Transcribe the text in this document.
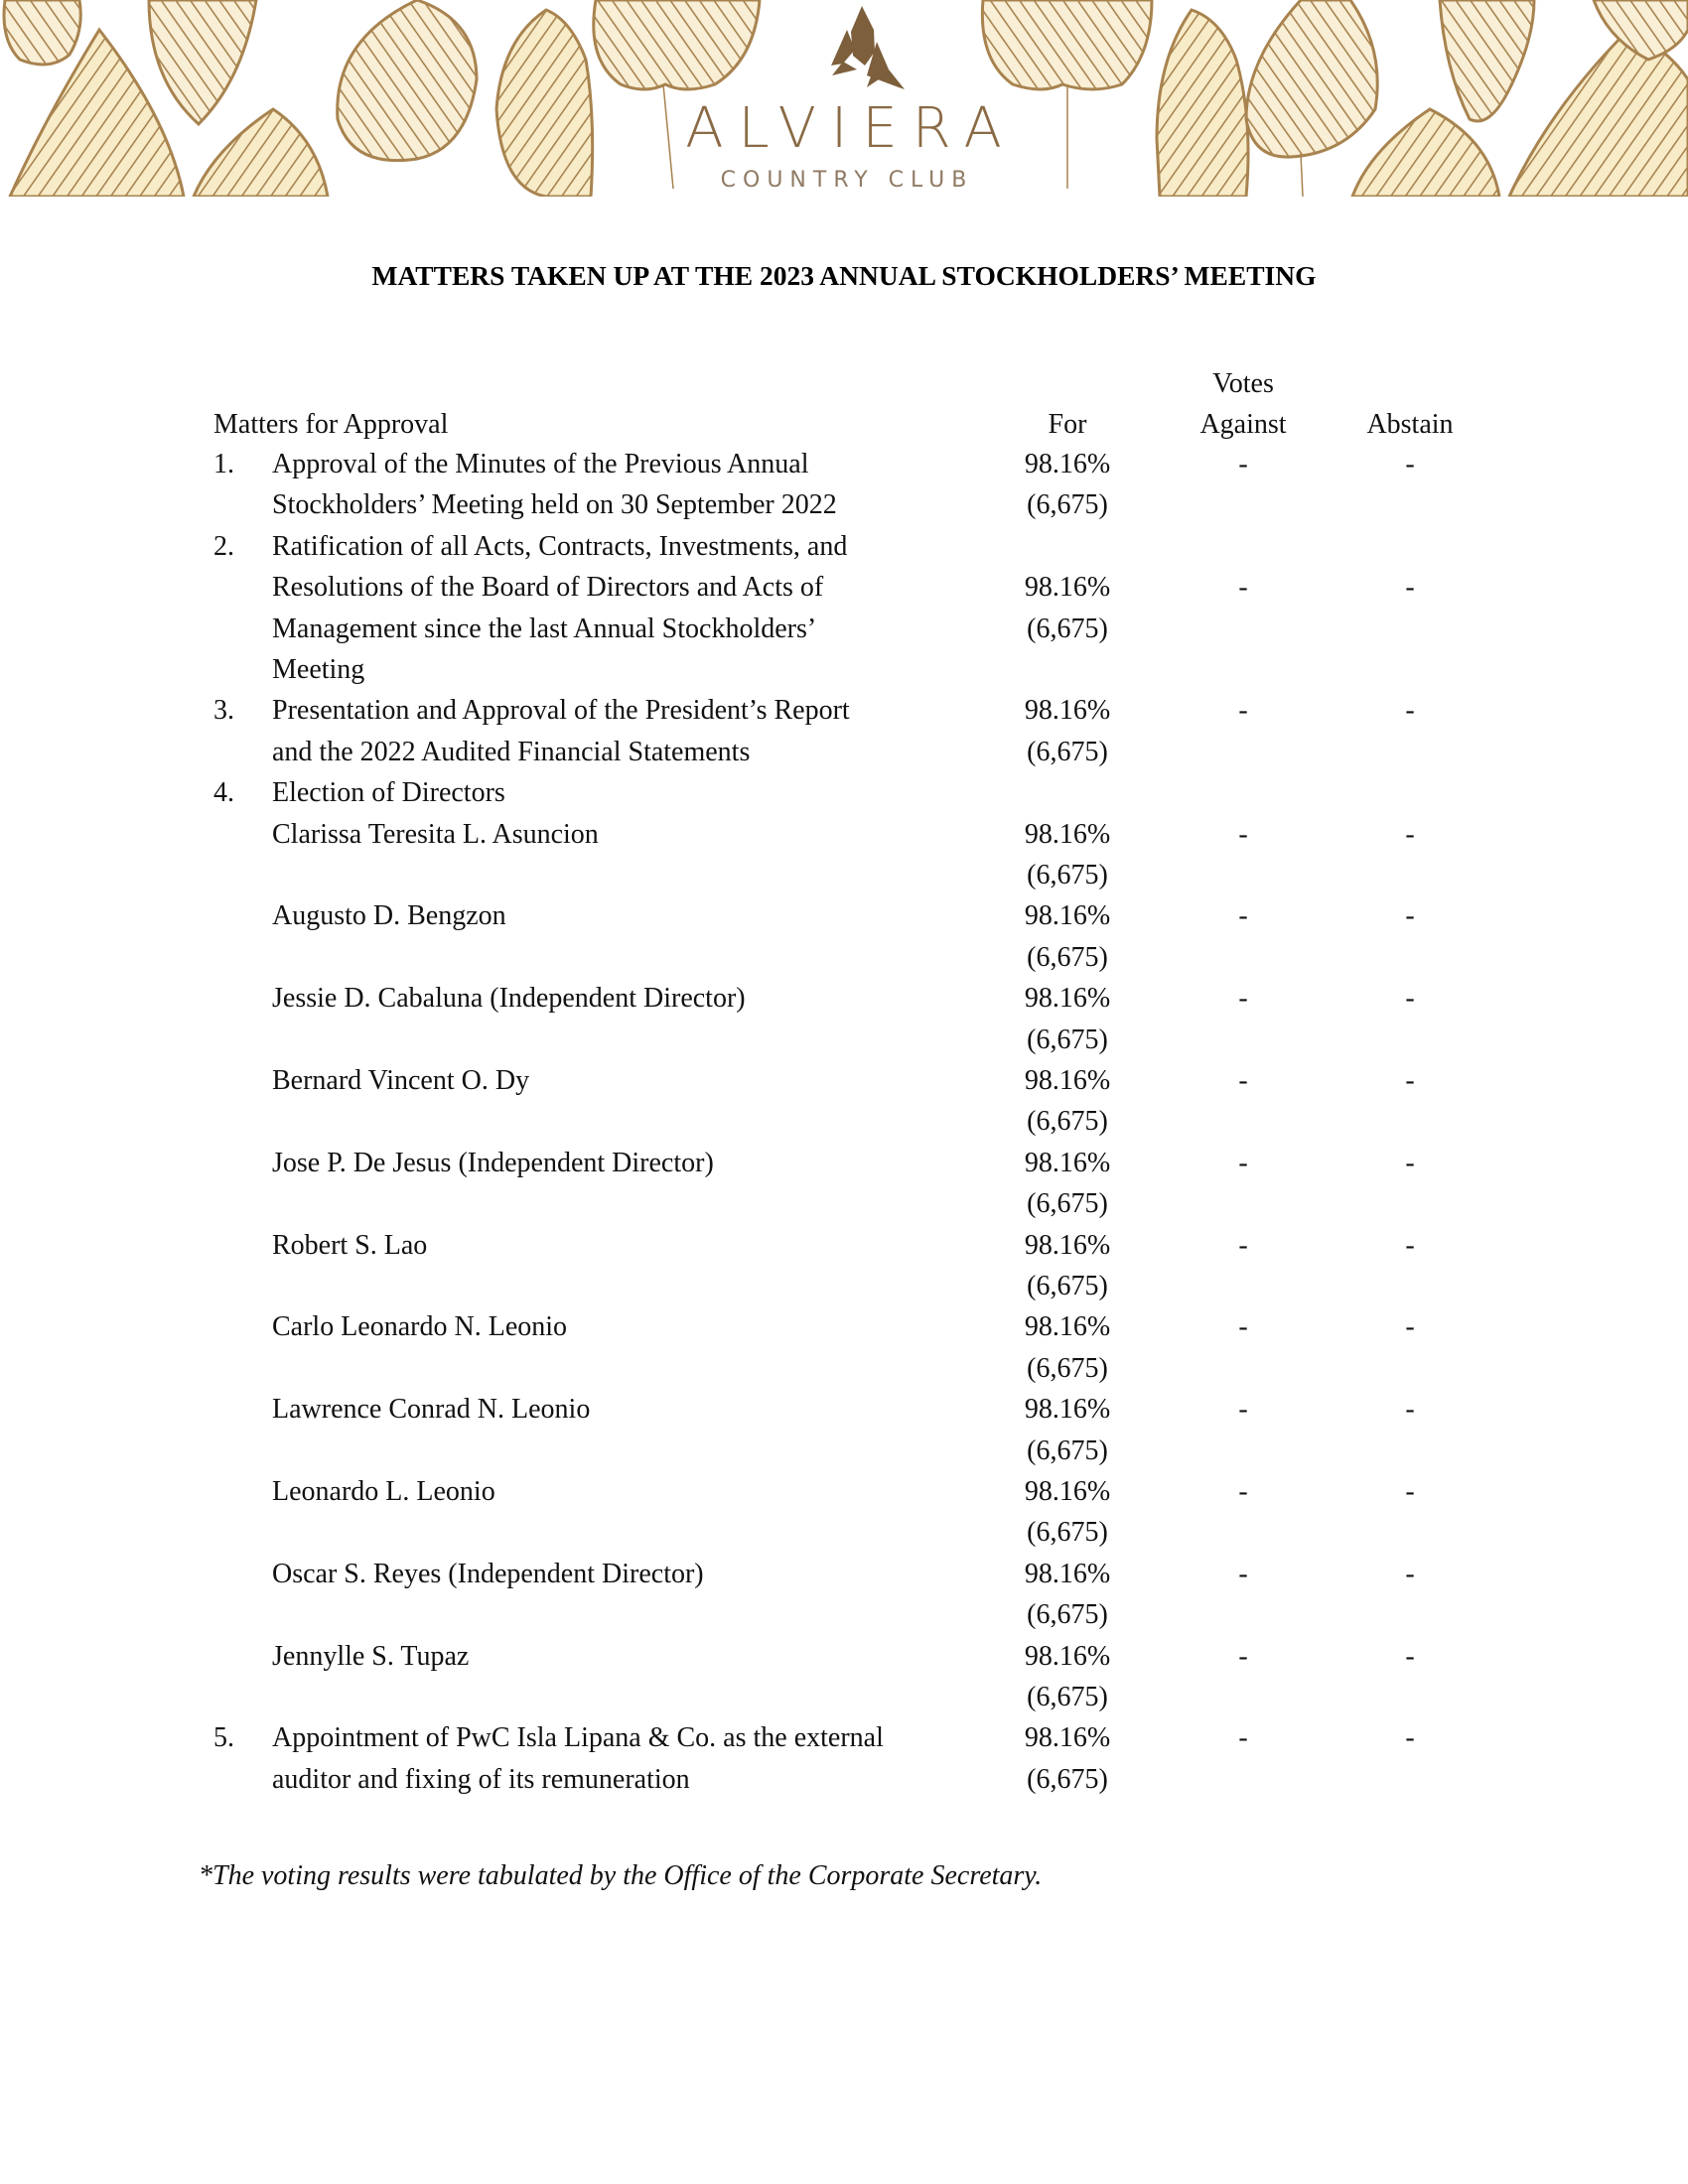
ALVIERA
COUNTRY CLUB
MATTERS TAKEN UP AT THE 2023 ANNUAL STOCKHOLDERS’ MEETING
Votes
Matters for Approval	For	Against	Abstain
1. Approval of the Minutes of the Previous Annual	98.16%	-	-
Stockholders’ Meeting held on 30 September 2022	(6,675)
2. Ratification of all Acts, Contracts, Investments, and
Resolutions of the Board of Directors and Acts of	98.16%	-	-
Management since the last Annual Stockholders’	(6,675)
Meeting
3. Presentation and Approval of the President’s Report	98.16%	-	-
and the 2022 Audited Financial Statements	(6,675)
4. Election of Directors
Clarissa Teresita L. Asuncion	98.16%	-	-
(6,675)
Augusto D. Bengzon	98.16%	-	-
(6,675)
Jessie D. Cabaluna (Independent Director)	98.16%	-	-
(6,675)
Bernard Vincent O. Dy	98.16%	-	-
(6,675)
Jose P. De Jesus (Independent Director)	98.16%	-	-
(6,675)
Robert S. Lao	98.16%	-	-
(6,675)
Carlo Leonardo N. Leonio	98.16%	-	-
(6,675)
Lawrence Conrad N. Leonio	98.16%	-	-
(6,675)
Leonardo L. Leonio	98.16%	-	-
(6,675)
Oscar S. Reyes (Independent Director)	98.16%	-	-
(6,675)
Jennylle S. Tupaz	98.16%	-	-
(6,675)
5. Appointment of PwC Isla Lipana & Co. as the external	98.16%	-	-
auditor and fixing of its remuneration	(6,675)
*The voting results were tabulated by the Office of the Corporate Secretary.
